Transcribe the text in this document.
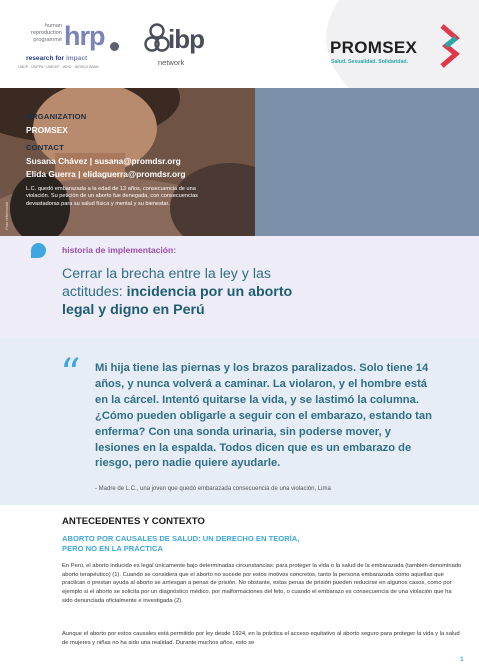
human
reproduction
programme hrp
research for impact
UNDP · UNFPA · UNICEF · WHO · WORLD BANK
ibp
network
PROMSEX
Salud. Sexualidad. Solidaridad.
Foto referencial
ORGANIZATION
PROMSEX
CONTACT
Susana Chávez | susana@promdsr.org
Elida Guerra | elidaguerra@promdsr.org
L.C. quedó embarazada a la edad de 13 años, consecuencia de una violación. Su petición de un aborto fue denegada, con consecuencias devastadoras para su salud física y mental y su bienestar.
historia de implementación:
Cerrar la brecha entre la ley y las
actitudes: incidencia por un aborto
legal y digno en Perú
“ Mi hija tiene las piernas y los brazos paralizados. Solo tiene 14 años, y nunca volverá a caminar. La violaron, y el hombre está en la cárcel. Intentó quitarse la vida, y se lastimó la columna. ¿Cómo pueden obligarle a seguir con el embarazo, estando tan enferma? Con una sonda urinaria, sin poderse mover, y lesiones en la espalda. Todos dicen que es un embarazo de riesgo, pero nadie quiere ayudarle.
- Madre de L.C., una joven que quedó embarazada consecuencia de una violación, Lima
ANTECEDENTES Y CONTEXTO
ABORTO POR CAUSALES DE SALUD: UN DERECHO EN TEORÍA, PERO NO EN LA PRÁCTICA
En Perú, el aborto inducido es legal únicamente bajo determinadas circunstancias: para proteger la vida o la salud de la embarazada (también denominado aborto terapéutico) (1). Cuando se considera que el aborto no sucede por estos motivos concretos, tanto la persona embarazada como aquellas que practican o prestan ayuda al aborto se arriesgan a penas de prisión. No obstante, estas penas de prisión pueden reducirse en algunos casos, como por ejemplo si el aborto se solicita por un diagnóstico médico, por malformaciones del feto, o cuando el embarazo es consecuencia de una violación que ha sido denunciada oficialmente e investigada (2).
Aunque el aborto por estos causales está permitido por ley desde 1924, en la práctica el acceso equitativo al aborto seguro para proteger la vida y la salud de mujeres y niñas no ha sido una realidad. Durante muchos años, esto se
1
